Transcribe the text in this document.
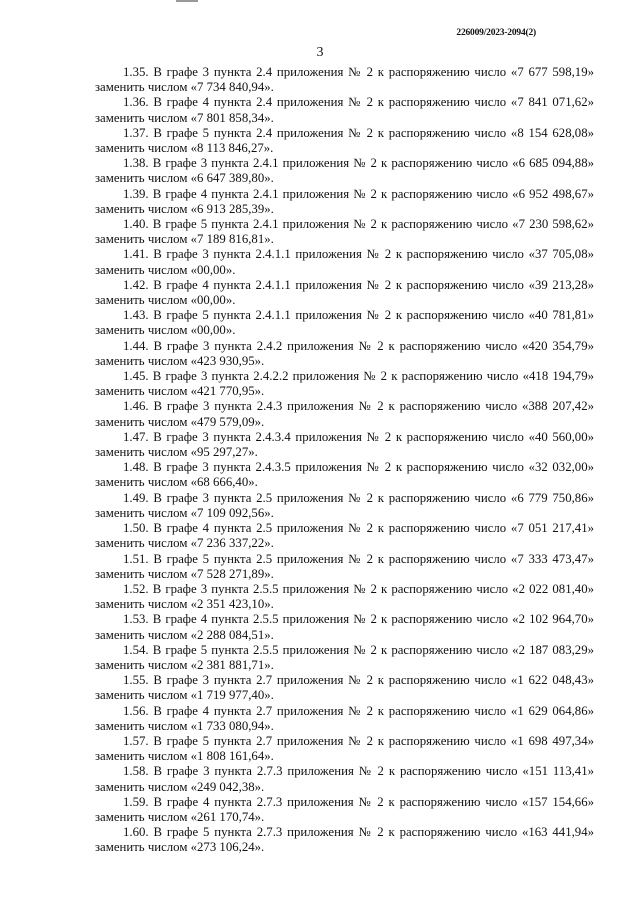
226009/2023-2094(2)
3

1.35. В графе 3 пункта 2.4 приложения № 2 к распоряжению число «7 677 598,19» заменить числом «7 734 840,94».

1.36. В графе 4 пункта 2.4 приложения № 2 к распоряжению число «7 841 071,62» заменить числом «7 801 858,34».

1.37. В графе 5 пункта 2.4 приложения № 2 к распоряжению число «8 154 628,08» заменить числом «8 113 846,27».

1.38. В графе 3 пункта 2.4.1 приложения № 2 к распоряжению число «6 685 094,88» заменить числом «6 647 389,80».

1.39. В графе 4 пункта 2.4.1 приложения № 2 к распоряжению число «6 952 498,67» заменить числом «6 913 285,39».

1.40. В графе 5 пункта 2.4.1 приложения № 2 к распоряжению число «7 230 598,62» заменить числом «7 189 816,81».

1.41. В графе 3 пункта 2.4.1.1 приложения № 2 к распоряжению число «37 705,08» заменить числом «00,00».

1.42. В графе 4 пункта 2.4.1.1 приложения № 2 к распоряжению число «39 213,28» заменить числом «00,00».

1.43. В графе 5 пункта 2.4.1.1 приложения № 2 к распоряжению число «40 781,81» заменить числом «00,00».

1.44. В графе 3 пункта 2.4.2 приложения № 2 к распоряжению число «420 354,79» заменить числом «423 930,95».

1.45. В графе 3 пункта 2.4.2.2 приложения № 2 к распоряжению число «418 194,79» заменить числом «421 770,95».

1.46. В графе 3 пункта 2.4.3 приложения № 2 к распоряжению число «388 207,42» заменить числом «479 579,09».

1.47. В графе 3 пункта 2.4.3.4 приложения № 2 к распоряжению число «40 560,00» заменить числом «95 297,27».

1.48. В графе 3 пункта 2.4.3.5 приложения № 2 к распоряжению число «32 032,00» заменить числом «68 666,40».

1.49. В графе 3 пункта 2.5 приложения № 2 к распоряжению число «6 779 750,86» заменить числом «7 109 092,56».

1.50. В графе 4 пункта 2.5 приложения № 2 к распоряжению число «7 051 217,41» заменить числом «7 236 337,22».

1.51. В графе 5 пункта 2.5 приложения № 2 к распоряжению число «7 333 473,47» заменить числом «7 528 271,89».

1.52. В графе 3 пункта 2.5.5 приложения № 2 к распоряжению число «2 022 081,40» заменить числом «2 351 423,10».

1.53. В графе 4 пункта 2.5.5 приложения № 2 к распоряжению число «2 102 964,70» заменить числом «2 288 084,51».

1.54. В графе 5 пункта 2.5.5 приложения № 2 к распоряжению число «2 187 083,29» заменить числом «2 381 881,71».

1.55. В графе 3 пункта 2.7 приложения № 2 к распоряжению число «1 622 048,43» заменить числом «1 719 977,40».

1.56. В графе 4 пункта 2.7 приложения № 2 к распоряжению число «1 629 064,86» заменить числом «1 733 080,94».

1.57. В графе 5 пункта 2.7 приложения № 2 к распоряжению число «1 698 497,34» заменить числом «1 808 161,64».

1.58. В графе 3 пункта 2.7.3 приложения № 2 к распоряжению число «151 113,41» заменить числом «249 042,38».

1.59. В графе 4 пункта 2.7.3 приложения № 2 к распоряжению число «157 154,66» заменить числом «261 170,74».

1.60. В графе 5 пункта 2.7.3 приложения № 2 к распоряжению число «163 441,94» заменить числом «273 106,24».
